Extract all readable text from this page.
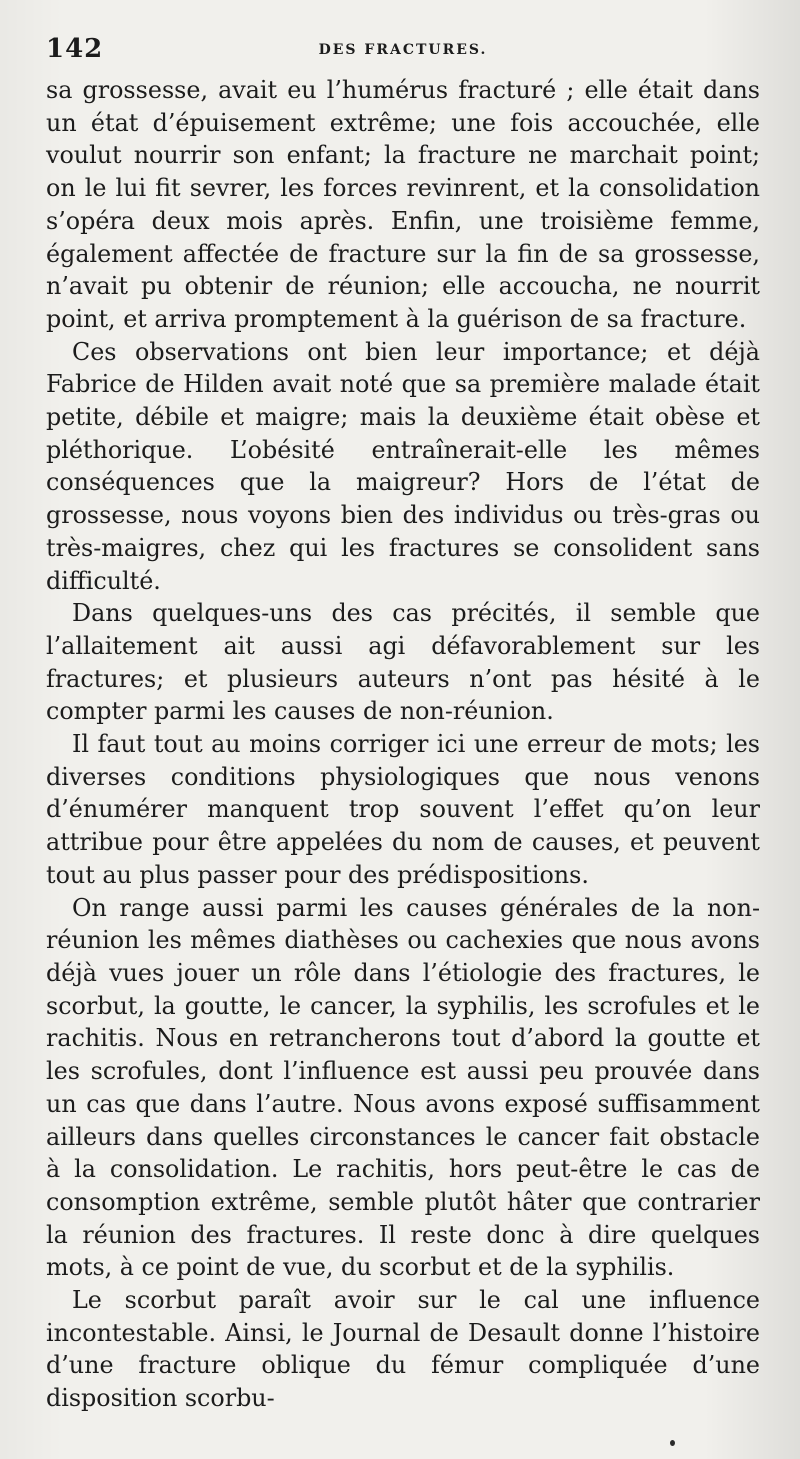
142	DES FRACTURES.

sa grossesse, avait eu l’humérus fracturé ; elle était dans un état d’épuisement extrême; une fois accouchée, elle voulut nourrir son enfant; la fracture ne marchait point; on le lui fit sevrer, les forces revinrent, et la consolidation s’opéra deux mois après. Enfin, une troisième femme, également affectée de fracture sur la fin de sa grossesse, n’avait pu obtenir de réunion; elle accoucha, ne nourrit point, et arriva promptement à la guérison de sa fracture.

Ces observations ont bien leur importance; et déjà Fabrice de Hilden avait noté que sa première malade était petite, débile et maigre; mais la deuxième était obèse et pléthorique. L’obésité entraînerait-elle les mêmes conséquences que la maigreur? Hors de l’état de grossesse, nous voyons bien des individus ou très-gras ou très-maigres, chez qui les fractures se consolident sans difficulté.

Dans quelques-uns des cas précités, il semble que l’allaitement ait aussi agi défavorablement sur les fractures; et plusieurs auteurs n’ont pas hésité à le compter parmi les causes de non-réunion.

Il faut tout au moins corriger ici une erreur de mots; les diverses conditions physiologiques que nous venons d’énumérer manquent trop souvent l’effet qu’on leur attribue pour être appelées du nom de causes, et peuvent tout au plus passer pour des prédispositions.

On range aussi parmi les causes générales de la non-réunion les mêmes diathèses ou cachexies que nous avons déjà vues jouer un rôle dans l’étiologie des fractures, le scorbut, la goutte, le cancer, la syphilis, les scrofules et le rachitis. Nous en retrancherons tout d’abord la goutte et les scrofules, dont l’influence est aussi peu prouvée dans un cas que dans l’autre. Nous avons exposé suffisamment ailleurs dans quelles circonstances le cancer fait obstacle à la consolidation. Le rachitis, hors peut-être le cas de consomption extrême, semble plutôt hâter que contrarier la réunion des fractures. Il reste donc à dire quelques mots, à ce point de vue, du scorbut et de la syphilis.

Le scorbut paraît avoir sur le cal une influence incontestable. Ainsi, le Journal de Desault donne l’histoire d’une fracture oblique du fémur compliquée d’une disposition scorbu-
